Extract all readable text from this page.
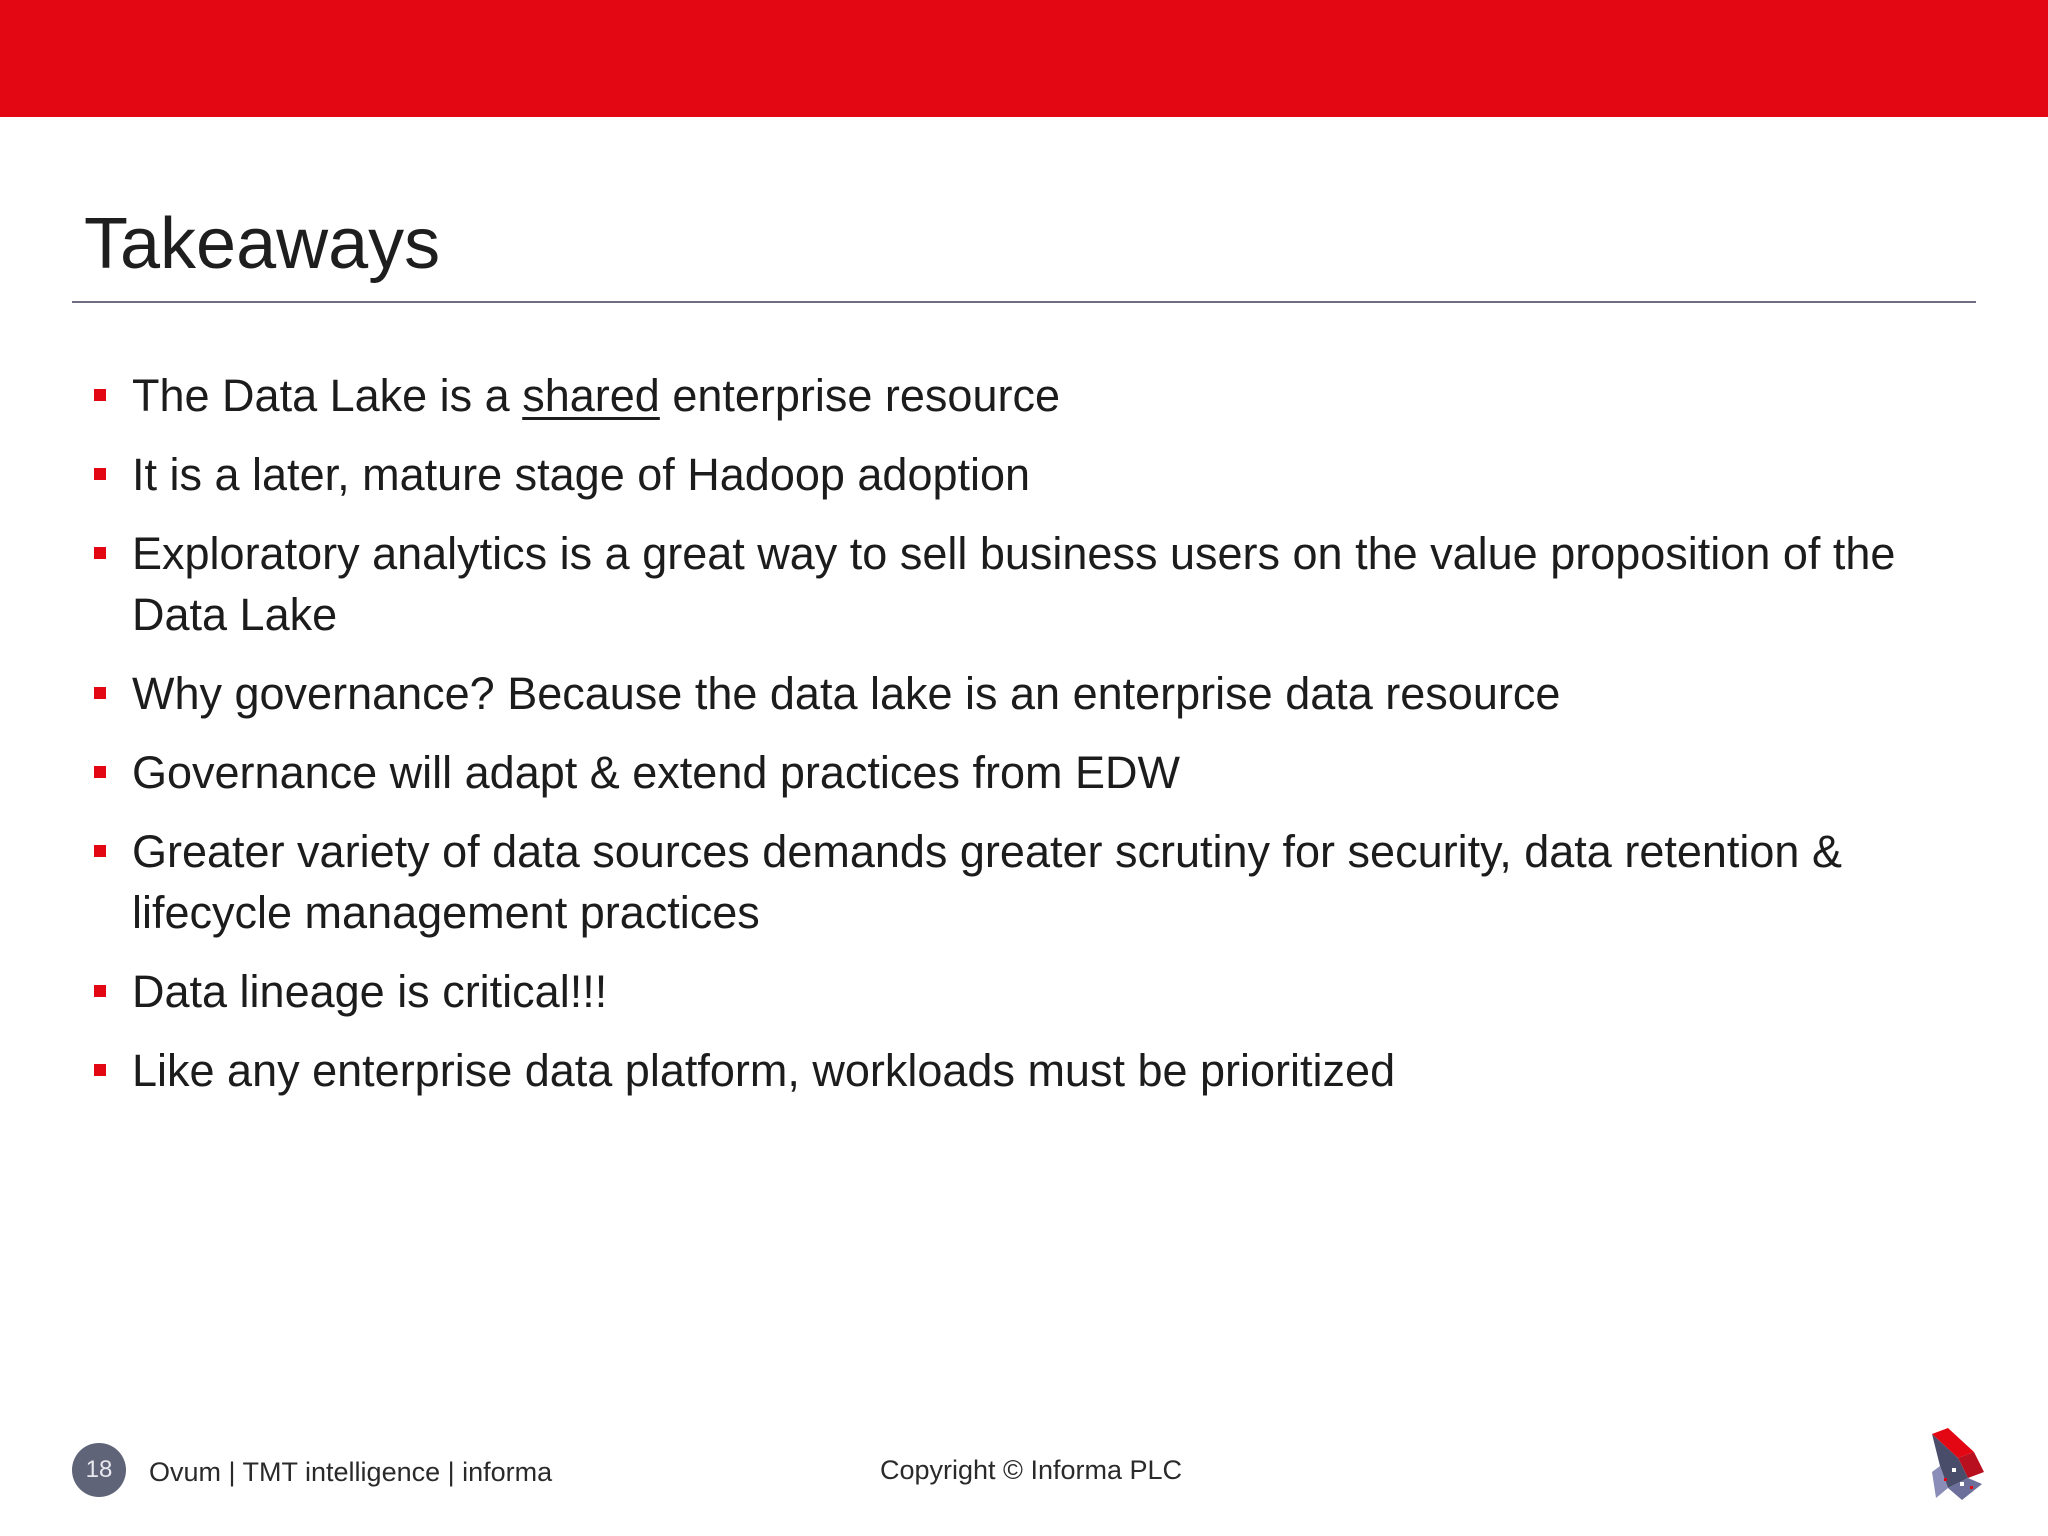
Takeaways
The Data Lake is a shared enterprise resource
It is a later, mature stage of Hadoop adoption
Exploratory analytics is a great way to sell business users on the value proposition of the Data Lake
Why governance? Because the data lake is an enterprise data resource
Governance will adapt & extend practices from EDW
Greater variety of data sources demands greater scrutiny for security, data retention & lifecycle management practices
Data lineage is critical!!!
Like any enterprise data platform, workloads must be prioritized
18	Ovum | TMT intelligence | informa	Copyright © Informa PLC
